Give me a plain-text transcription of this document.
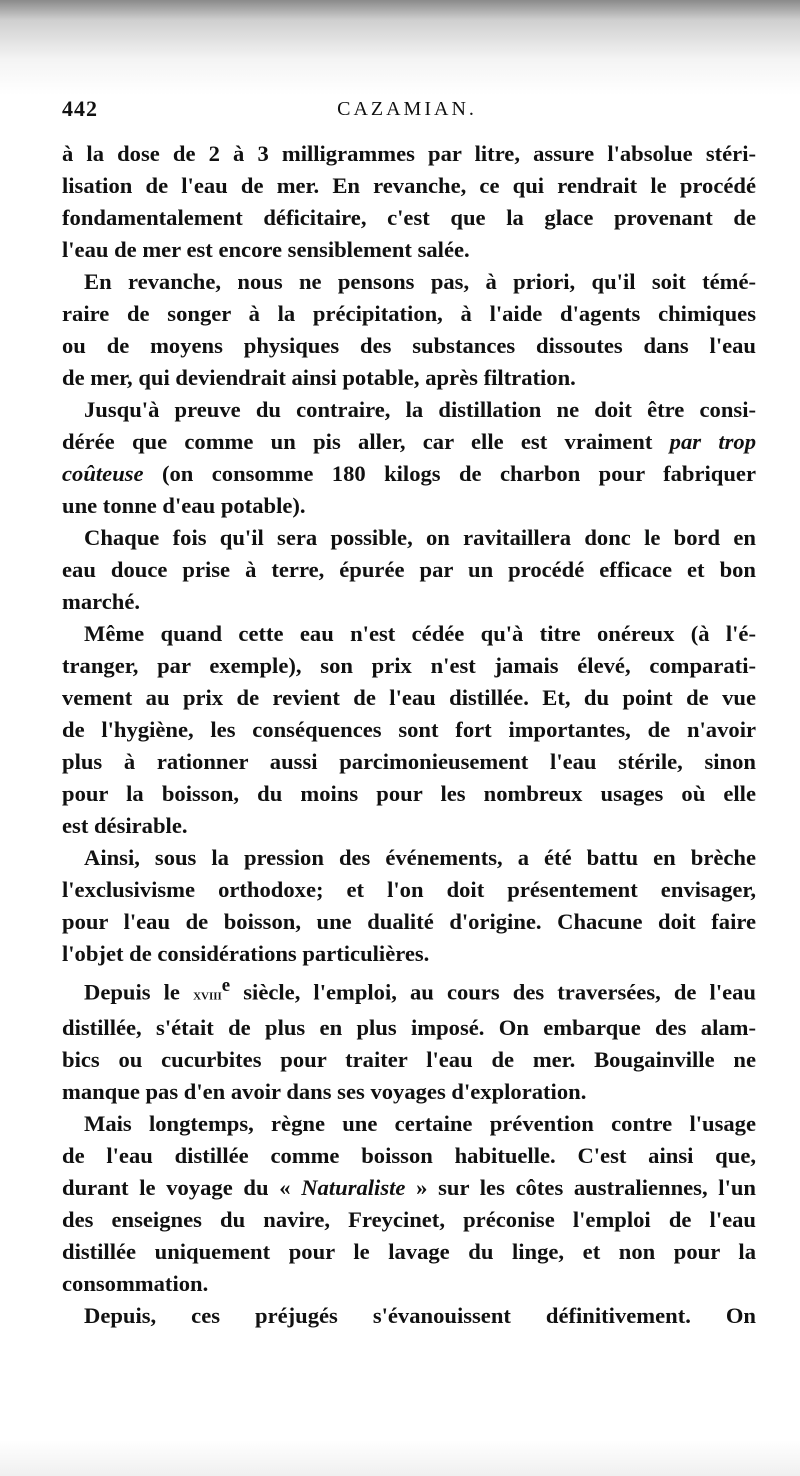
442	CAZAMIAN.
à la dose de 2 à 3 milligrammes par litre, assure l'absolue stéri-
lisation de l'eau de mer. En revanche, ce qui rendrait le procédé
fondamentalement déficitaire, c'est que la glace provenant de
l'eau de mer est encore sensiblement salée.
En revanche, nous ne pensons pas, à priori, qu'il soit témé-
raire de songer à la précipitation, à l'aide d'agents chimiques
ou de moyens physiques des substances dissoutes dans l'eau
de mer, qui deviendrait ainsi potable, après filtration.
Jusqu'à preuve du contraire, la distillation ne doit être consi-
dérée que comme un pis aller, car elle est vraiment par trop
coûteuse (on consomme 180 kilogs de charbon pour fabriquer
une tonne d'eau potable).
Chaque fois qu'il sera possible, on ravitaillera donc le bord en
eau douce prise à terre, épurée par un procédé efficace et bon
marché.
Même quand cette eau n'est cédée qu'à titre onéreux (à l'é-
tranger, par exemple), son prix n'est jamais élevé, comparati-
vement au prix de revient de l'eau distillée. Et, du point de vue
de l'hygiène, les conséquences sont fort importantes, de n'avoir
plus à rationner aussi parcimonieusement l'eau stérile, sinon
pour la boisson, du moins pour les nombreux usages où elle
est désirable.
Ainsi, sous la pression des événements, a été battu en brèche
l'exclusivisme orthodoxe; et l'on doit présentement envisager,
pour l'eau de boisson, une dualité d'origine. Chacune doit faire
l'objet de considérations particulières.
Depuis le xviii$^e$ siècle, l'emploi, au cours des traversées, de l'eau
distillée, s'était de plus en plus imposé. On embarque des alam-
bics ou cucurbites pour traiter l'eau de mer. Bougainville ne
manque pas d'en avoir dans ses voyages d'exploration.
Mais longtemps, règne une certaine prévention contre l'usage
de l'eau distillée comme boisson habituelle. C'est ainsi que,
durant le voyage du « Naturaliste » sur les côtes australiennes, l'un
des enseignes du navire, Freycinet, préconise l'emploi de l'eau
distillée uniquement pour le lavage du linge, et non pour la
consommation.
Depuis, ces préjugés s'évanouissent définitivement. On
